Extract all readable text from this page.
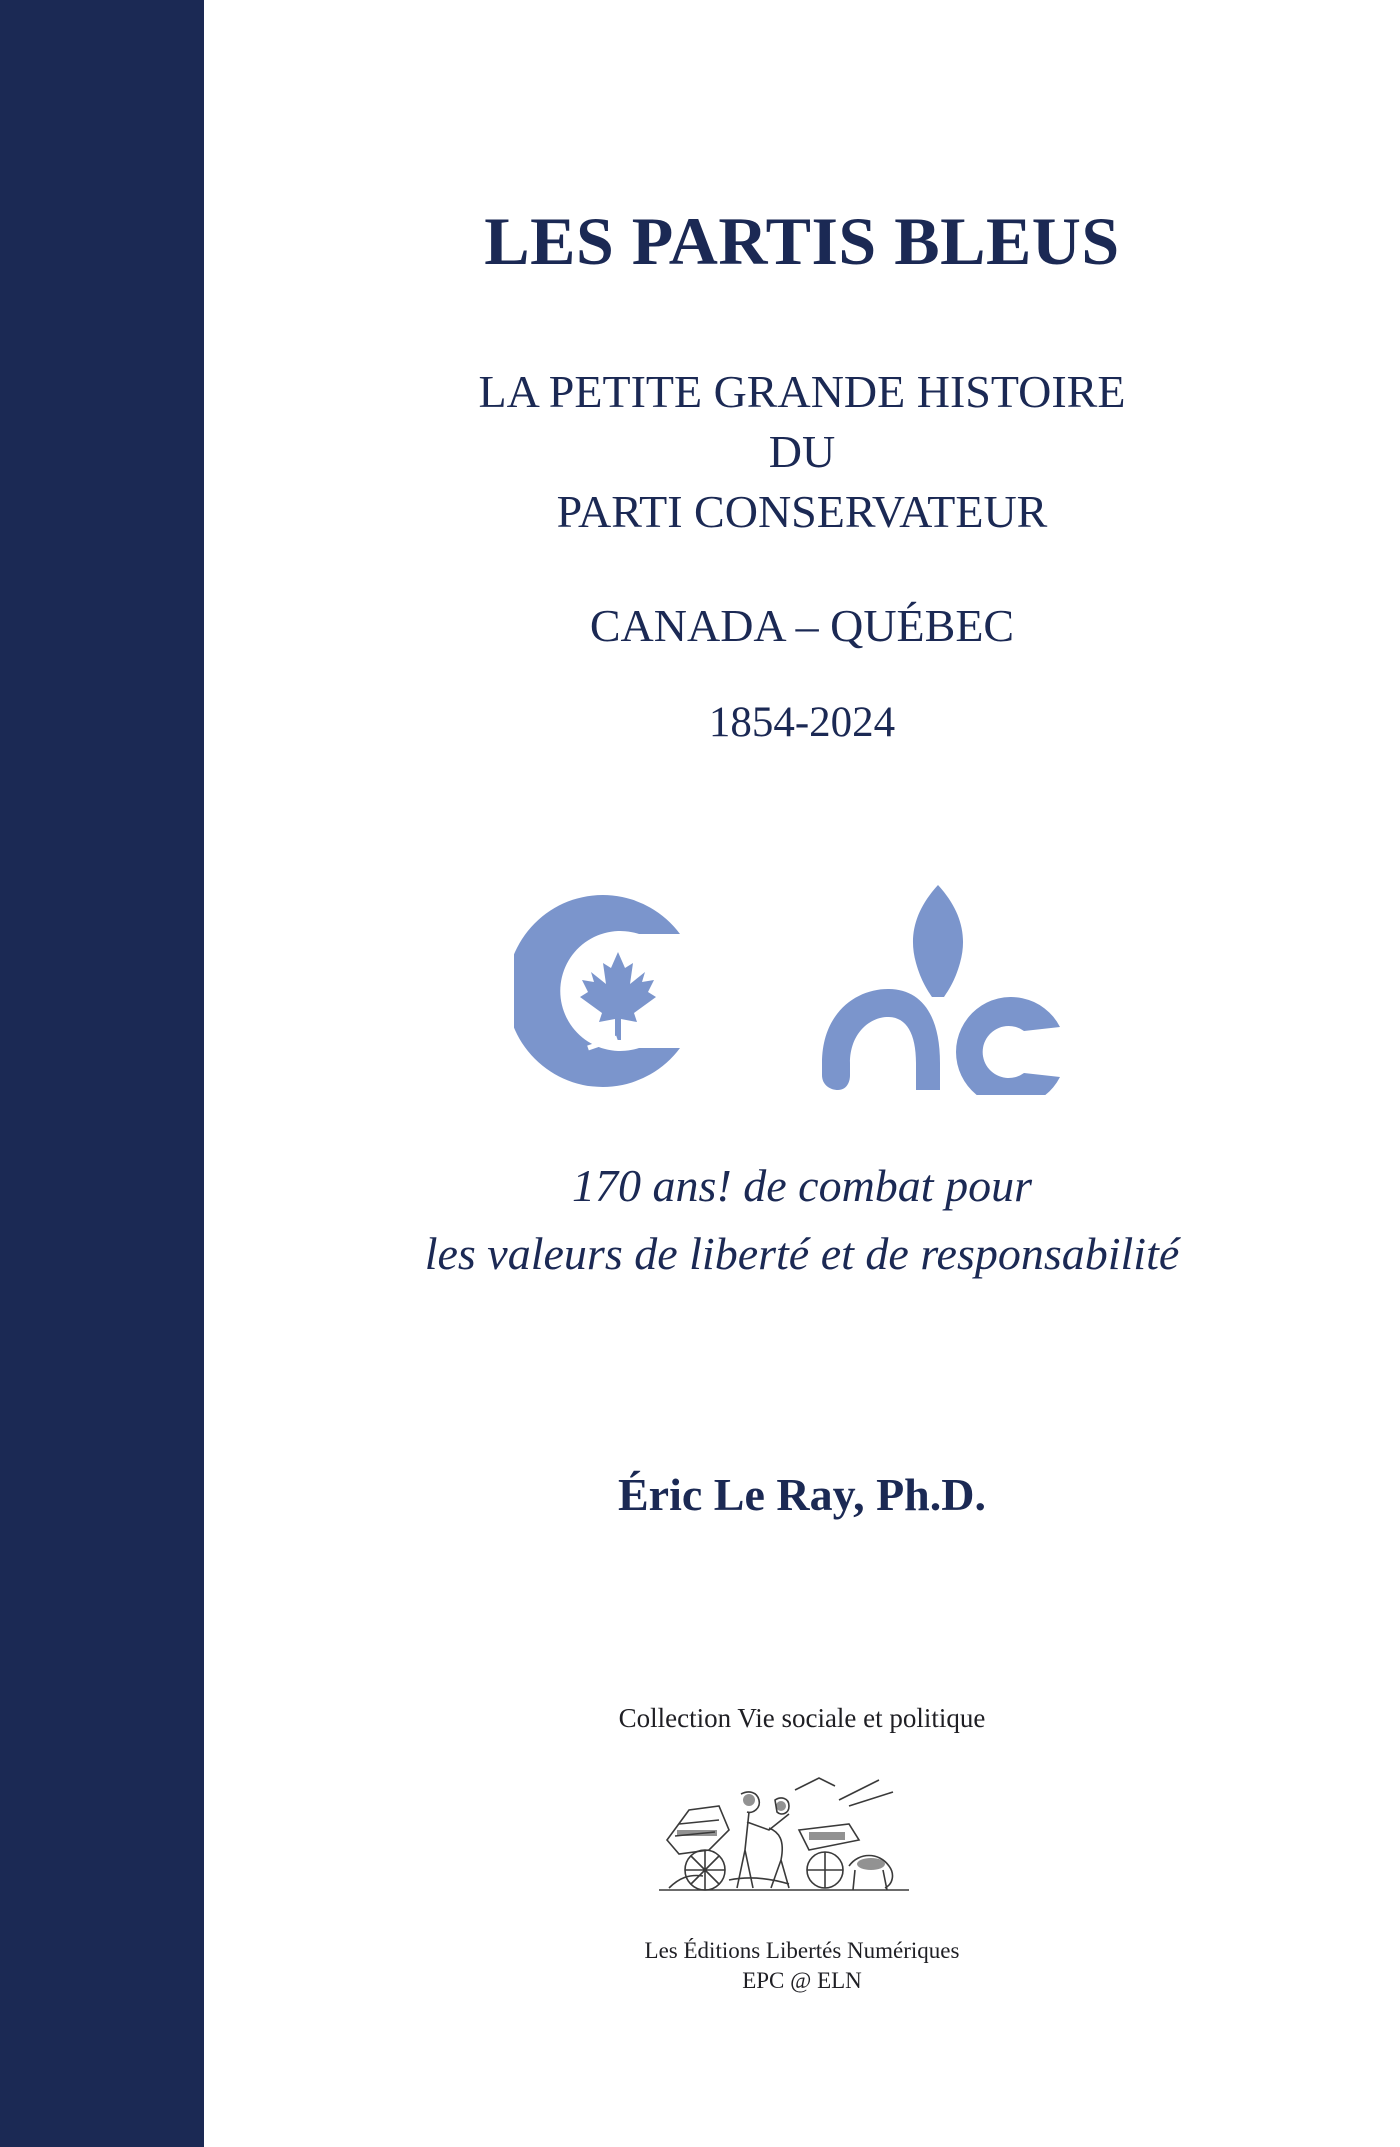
LES PARTIS BLEUS
LA PETITE GRANDE HISTOIRE
DU
PARTI CONSERVATEUR
CANADA – QUÉBEC
1854-2024
170 ans! de combat pour
les valeurs de liberté et de responsabilité
Éric Le Ray, Ph.D.
Collection Vie sociale et politique
Les Éditions Libertés Numériques
EPC @ ELN
